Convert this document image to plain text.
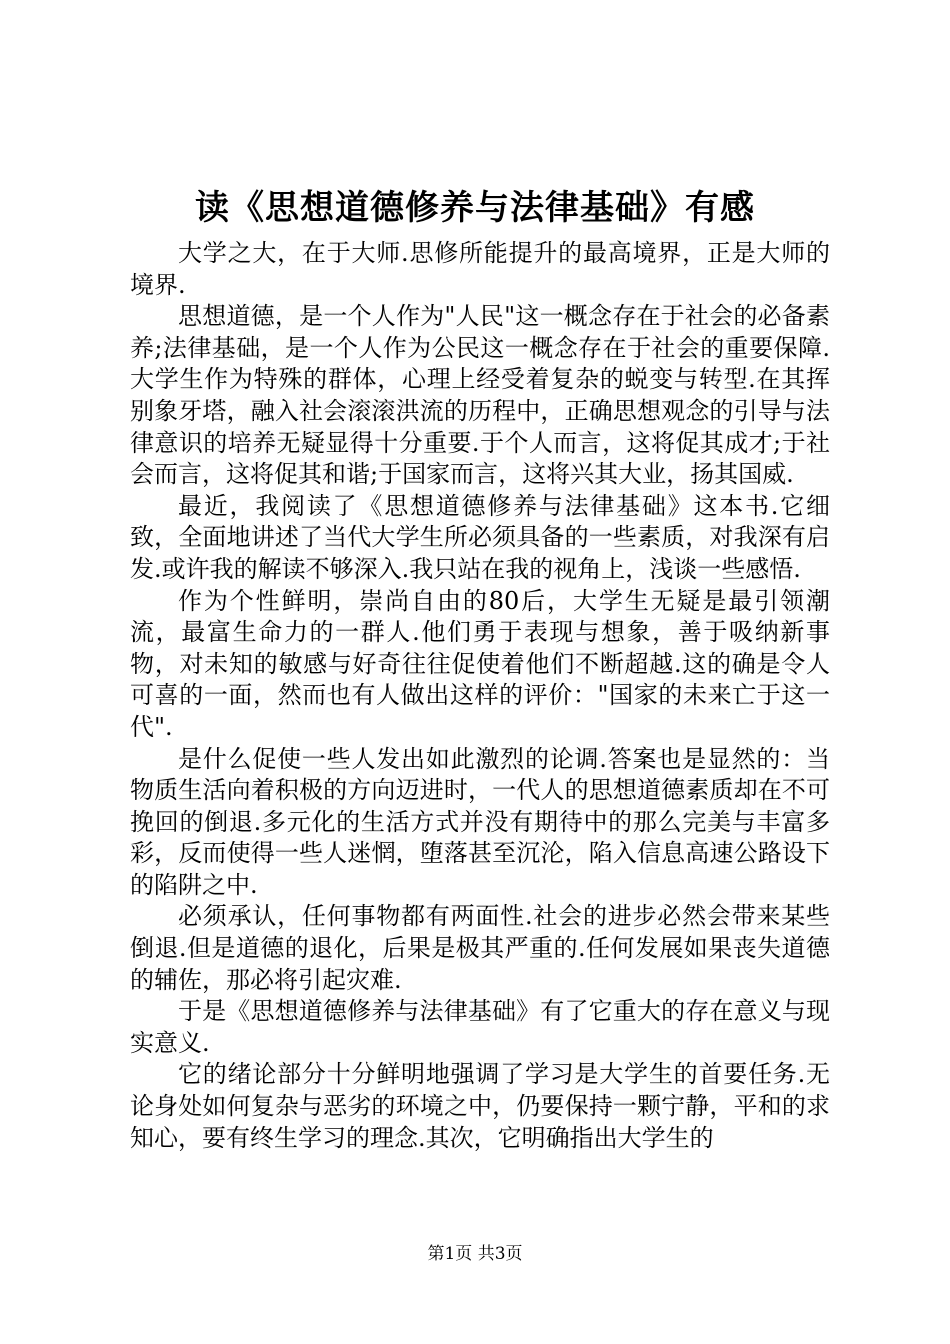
读《思想道德修养与法律基础》有感

大学之大，在于大师.思修所能提升的最高境界，正是大师的境界.

思想道德，是一个人作为"人民"这一概念存在于社会的必备素养;法律基础，是一个人作为公民这一概念存在于社会的重要保障.大学生作为特殊的群体，心理上经受着复杂的蜕变与转型.在其挥别象牙塔，融入社会滚滚洪流的历程中，正确思想观念的引导与法律意识的培养无疑显得十分重要.于个人而言，这将促其成才;于社会而言，这将促其和谐;于国家而言，这将兴其大业，扬其国威.

最近，我阅读了《思想道德修养与法律基础》这本书.它细致，全面地讲述了当代大学生所必须具备的一些素质，对我深有启发.或许我的解读不够深入.我只站在我的视角上，浅谈一些感悟.

作为个性鲜明，崇尚自由的80后，大学生无疑是最引领潮流，最富生命力的一群人.他们勇于表现与想象，善于吸纳新事物，对未知的敏感与好奇往往促使着他们不断超越.这的确是令人可喜的一面，然而也有人做出这样的评价："国家的未来亡于这一代".

是什么促使一些人发出如此激烈的论调.答案也是显然的：当物质生活向着积极的方向迈进时，一代人的思想道德素质却在不可挽回的倒退.多元化的生活方式并没有期待中的那么完美与丰富多彩，反而使得一些人迷惘，堕落甚至沉沦，陷入信息高速公路设下的陷阱之中.

必须承认，任何事物都有两面性.社会的进步必然会带来某些倒退.但是道德的退化，后果是极其严重的.任何发展如果丧失道德的辅佐，那必将引起灾难.

于是《思想道德修养与法律基础》有了它重大的存在意义与现实意义.

它的绪论部分十分鲜明地强调了学习是大学生的首要任务.无论身处如何复杂与恶劣的环境之中，仍要保持一颗宁静，平和的求知心，要有终生学习的理念.其次，它明确指出大学生的

第1页 共3页
